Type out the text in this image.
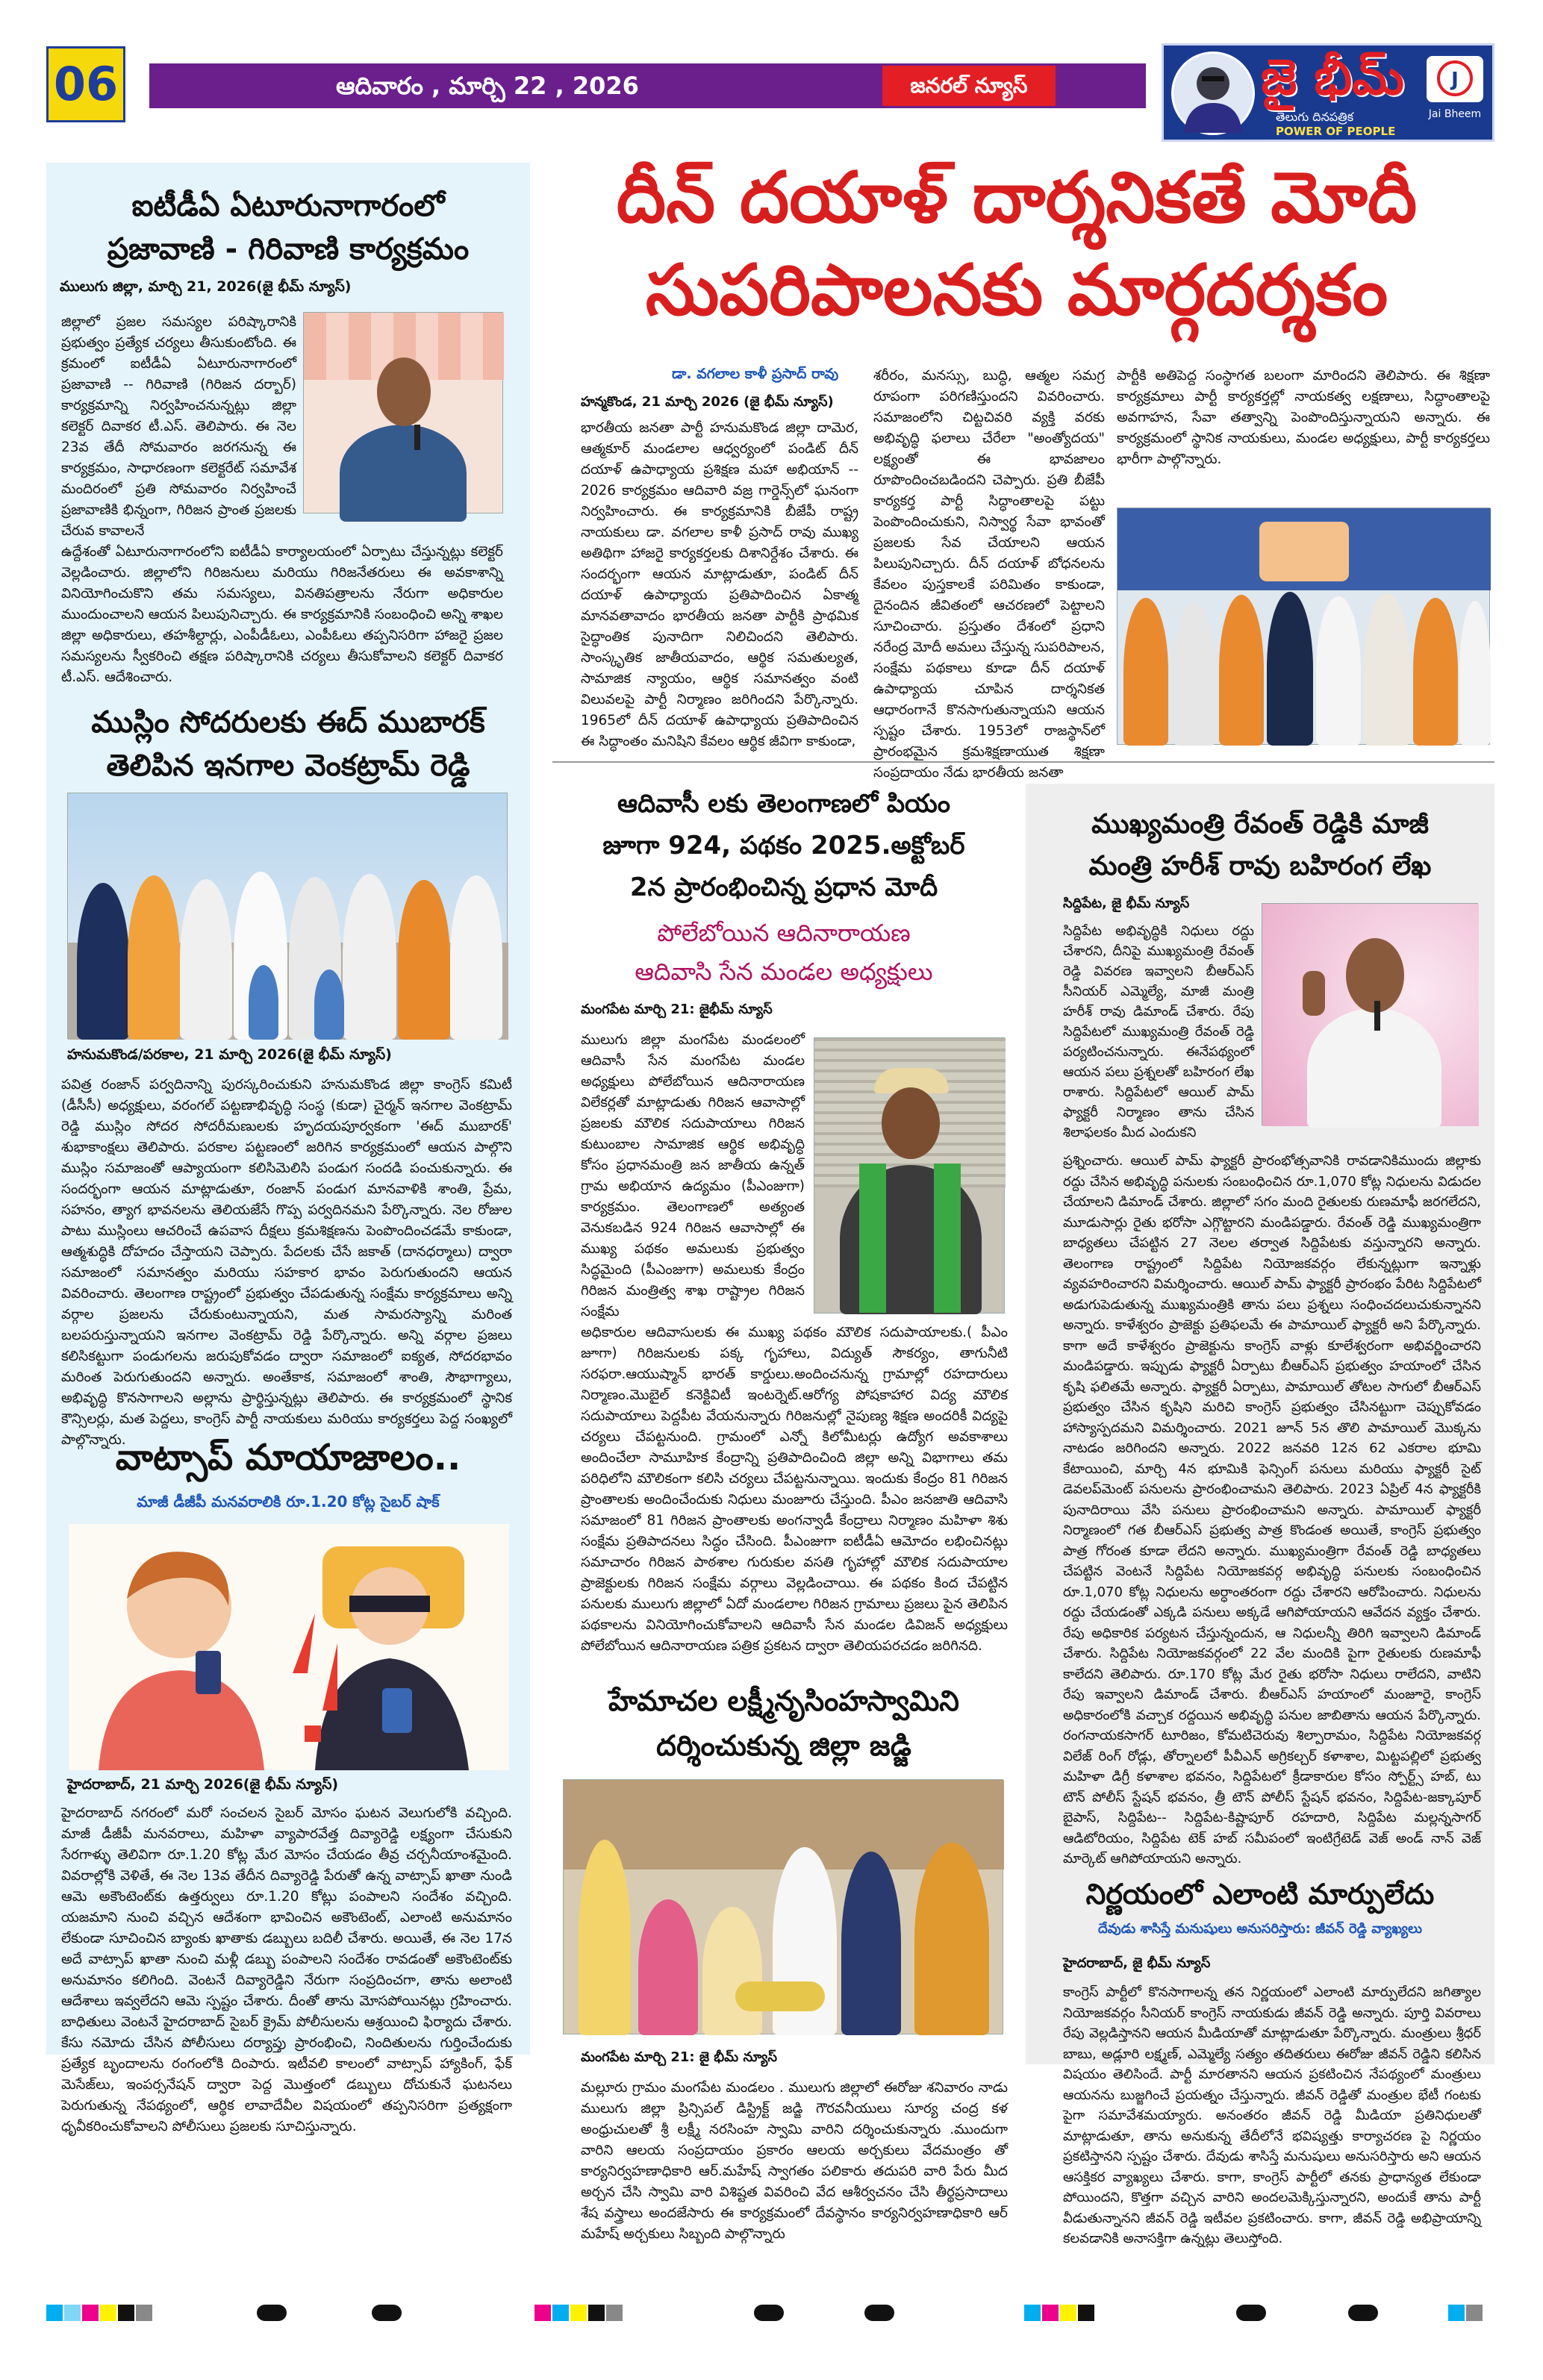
06	ఆదివారం , మార్చి 22 , 2026	జనరల్ న్యూస్	జై భీమ్
తెలుగు దినపత్రిక
POWER OF PEOPLE
J
Jai Bheem
ఐటీడీఏ ఏటూరునాగారంలో
ప్రజావాణి - గిరివాణి కార్యక్రమం
ములుగు జిల్లా, మార్చి 21, 2026(జై భీమ్ న్యూస్)
జిల్లాలో ప్రజల సమస్యల పరిష్కారానికి ప్రభుత్వం ప్రత్యేక చర్యలు తీసుకుంటోంది. ఈ క్రమంలో ఐటీడీఏ ఏటూరునాగారంలో ప్రజావాణి -- గిరివాణి (గిరిజన దర్బార్) కార్యక్రమాన్ని నిర్వహించనున్నట్లు జిల్లా కలెక్టర్ దివాకర టీ.ఎస్. తెలిపారు. ఈ నెల 23వ తేదీ సోమవారం జరగనున్న ఈ కార్యక్రమం, సాధారణంగా కలెక్టరేట్ సమావేశ మందిరంలో ప్రతి సోమవారం నిర్వహించే ప్రజావాణికి భిన్నంగా, గిరిజన ప్రాంత ప్రజలకు చేరువ కావాలనే
ఉద్దేశంతో ఏటూరునాగారంలోని ఐటీడీఏ కార్యాలయంలో ఏర్పాటు చేస్తున్నట్లు కలెక్టర్ వెల్లడించారు. జిల్లాలోని గిరిజనులు మరియు గిరిజనేతరులు ఈ అవకాశాన్ని వినియోగించుకొని తమ సమస్యలు, వినతిపత్రాలను నేరుగా అధికారుల ముందుంచాలని ఆయన పిలుపునిచ్చారు. ఈ కార్యక్రమానికి సంబంధించి అన్ని శాఖల జిల్లా అధికారులు, తహశీల్దార్లు, ఎంపీడీఓలు, ఎంపీఓలు తప్పనిసరిగా హాజరై ప్రజల సమస్యలను స్వీకరించి తక్షణ పరిష్కారానికి చర్యలు తీసుకోవాలని కలెక్టర్ దివాకర టీ.ఎస్. ఆదేశించారు.
ముస్లిం సోదరులకు ఈద్ ముబారక్
తెలిపిన ఇనగాల వెంకట్రామ్ రెడ్డి
హనుమకొండ/పరకాల, 21 మార్చి 2026(జై భీమ్ న్యూస్)
పవిత్ర రంజాన్ పర్వదినాన్ని పురస్కరించుకుని హనుమకొండ జిల్లా కాంగ్రెస్ కమిటీ (డీసీసీ) అధ్యక్షులు, వరంగల్ పట్టణాభివృద్ధి సంస్థ (కుడా) చైర్మన్ ఇనగాల వెంకట్రామ్ రెడ్డి ముస్లిం సోదర సోదరీమణులకు హృదయపూర్వకంగా 'ఈద్ ముబారక్' శుభాకాంక్షలు తెలిపారు. పరకాల పట్టణంలో జరిగిన కార్యక్రమంలో ఆయన పాల్గొని ముస్లిం సమాజంతో ఆప్యాయంగా కలిసిమెలిసి పండుగ సందడి పంచుకున్నారు. ఈ సందర్భంగా ఆయన మాట్లాడుతూ, రంజాన్ పండుగ మానవాళికి శాంతి, ప్రేమ, సహనం, త్యాగ భావనలను తెలియజేసే గొప్ప పర్వదినమని పేర్కొన్నారు. నెల రోజుల పాటు ముస్లింలు ఆచరించే ఉపవాస దీక్షలు క్రమశిక్షణను పెంపొందించడమే కాకుండా, ఆత్మశుద్ధికి దోహదం చేస్తాయని చెప్పారు. పేదలకు చేసే జకాత్ (దానధర్మాలు) ద్వారా సమాజంలో సమానత్వం మరియు సహకార భావం పెరుగుతుందని ఆయన వివరించారు. తెలంగాణ రాష్ట్రంలో ప్రభుత్వం చేపడుతున్న సంక్షేమ కార్యక్రమాలు అన్ని వర్గాల ప్రజలను చేరుకుంటున్నాయని, మత సామరస్యాన్ని మరింత బలపరుస్తున్నాయని ఇనగాల వెంకట్రామ్ రెడ్డి పేర్కొన్నారు. అన్ని వర్గాల ప్రజలు కలిసికట్టుగా పండుగలను జరుపుకోవడం ద్వారా సమాజంలో ఐక్యత, సోదరభావం మరింత పెరుగుతుందని అన్నారు. అంతేకాక, సమాజంలో శాంతి, సౌభాగ్యాలు, అభివృద్ధి కొనసాగాలని అల్లాను ప్రార్థిస్తున్నట్లు తెలిపారు. ఈ కార్యక్రమంలో స్థానిక కౌన్సిలర్లు, మత పెద్దలు, కాంగ్రెస్ పార్టీ నాయకులు మరియు కార్యకర్తలు పెద్ద సంఖ్యలో పాల్గొన్నారు.
వాట్సాప్ మాయాజాలం..
మాజీ డీజీపీ మనవరాలికి రూ.1.20 కోట్ల సైబర్ షాక్
హైదరాబాద్, 21 మార్చి 2026(జై భీమ్ న్యూస్)
హైదరాబాద్ నగరంలో మరో సంచలన సైబర్ మోసం ఘటన వెలుగులోకి వచ్చింది. మాజీ డీజీపీ మనవరాలు, మహిళా వ్యాపారవేత్త దివ్యారెడ్డి లక్ష్యంగా చేసుకుని సేరగాళ్ళు తెలివిగా రూ.1.20 కోట్ల మేర మోసం చేయడం తీవ్ర చర్చనీయాంశమైంది. వివరాల్లోకి వెళితే, ఈ నెల 13వ తేదీన దివ్యారెడ్డి పేరుతో ఉన్న వాట్సాప్ ఖాతా నుండి ఆమె అకౌంటెంట్‌కు ఉత్తర్వులు రూ.1.20 కోట్లు పంపాలని సందేశం వచ్చింది. యజమాని నుంచి వచ్చిన ఆదేశంగా భావించిన అకౌంటెంట్, ఎలాంటి అనుమానం లేకుండా సూచించిన బ్యాంకు ఖాతాకు డబ్బులు బదిలీ చేశారు. అయితే, ఈ నెల 17న అదే వాట్సాప్ ఖాతా నుంచి మళ్లీ డబ్బు పంపాలని సందేశం రావడంతో అకౌంటెంట్‌కు అనుమానం కలిగింది. వెంటనే దివ్యారెడ్డిని నేరుగా సంప్రదించగా, తాను అలాంటి ఆదేశాలు ఇవ్వలేదని ఆమె స్పష్టం చేశారు. దీంతో తాను మోసపోయినట్లు గ్రహించారు. బాధితులు వెంటనే హైదరాబాద్ సైబర్ క్రైమ్ పోలీసులను ఆశ్రయించి ఫిర్యాదు చేశారు. కేసు నమోదు చేసిన పోలీసులు దర్యాప్తు ప్రారంభించి, నిందితులను గుర్తించేందుకు ప్రత్యేక బృందాలను రంగంలోకి దింపారు. ఇటీవలి కాలంలో వాట్సాప్ హ్యాకింగ్, ఫేక్ మెసేజ్‌లు, ఇంపర్సనేషన్ ద్వారా పెద్ద మొత్తంలో డబ్బులు దోచుకునే ఘటనలు పెరుగుతున్న నేపథ్యంలో, ఆర్థిక లావాదేవీల విషయంలో తప్పనిసరిగా ప్రత్యక్షంగా ధృవీకరించుకోవాలని పోలీసులు ప్రజలకు సూచిస్తున్నారు.
దీన్ దయాళ్ దార్శనికతే మోదీ
సుపరిపాలనకు మార్గదర్శకం
డా. వగలాల కాళీ ప్రసాద్ రావు
హన్మకొండ, 21 మార్చి 2026 (జై భీమ్ న్యూస్)
భారతీయ జనతా పార్టీ హనుమకొండ జిల్లా దామెర, ఆత్మకూర్ మండలాల ఆధ్వర్యంలో పండిట్ దీన్ దయాళ్ ఉపాధ్యాయ ప్రశిక్షణ మహా అభియాన్ -- 2026 కార్యక్రమం ఆదివారి వజ్ర గార్డెన్స్‌లో ఘనంగా నిర్వహించారు. ఈ కార్యక్రమానికి బీజేపీ రాష్ట్ర నాయకులు డా. వగలాల కాళీ ప్రసాద్ రావు ముఖ్య అతిథిగా హాజరై కార్యకర్తలకు దిశానిర్దేశం చేశారు. ఈ సందర్భంగా ఆయన మాట్లాడుతూ, పండిట్ దీన్ దయాళ్ ఉపాధ్యాయ ప్రతిపాదించిన ఏకాత్మ మానవతావాదం భారతీయ జనతా పార్టీకి ప్రాథమిక సైద్ధాంతిక పునాదిగా నిలిచిందని తెలిపారు. సాంస్కృతిక జాతీయవాదం, ఆర్థిక సమతుల్యత, సామాజిక న్యాయం, ఆర్థిక సమానత్వం వంటి విలువలపై పార్టీ నిర్మాణం జరిగిందని పేర్కొన్నారు. 1965లో దీన్ దయాళ్ ఉపాధ్యాయ ప్రతిపాదించిన ఈ సిద్ధాంతం మనిషిని కేవలం ఆర్థిక జీవిగా కాకుండా,
శరీరం, మనస్సు, బుద్ధి, ఆత్మల సమగ్ర రూపంగా పరిగణిస్తుందని వివరించారు. సమాజంలోని చిట్టచివరి వ్యక్తి వరకు అభివృద్ధి ఫలాలు చేరేలా "అంత్యోదయ" లక్ష్యంతో ఈ భావజాలం రూపొందించబడిందని చెప్పారు. ప్రతి బీజేపీ కార్యకర్త పార్టీ సిద్ధాంతాలపై పట్టు పెంపొందించుకుని, నిస్వార్థ సేవా భావంతో ప్రజలకు సేవ చేయాలని ఆయన పిలుపునిచ్చారు. దీన్ దయాళ్ బోధనలను కేవలం పుస్తకాలకే పరిమితం కాకుండా, దైనందిన జీవితంలో ఆచరణలో పెట్టాలని సూచించారు. ప్రస్తుతం దేశంలో ప్రధాని నరేంద్ర మోదీ అమలు చేస్తున్న సుపరిపాలన, సంక్షేమ పథకాలు కూడా దీన్ దయాళ్ ఉపాధ్యాయ చూపిన దార్శనికత ఆధారంగానే కొనసాగుతున్నాయని ఆయన స్పష్టం చేశారు. 1953లో రాజస్థాన్‌లో ప్రారంభమైన క్రమశిక్షణాయుత శిక్షణా సంప్రదాయం నేడు భారతీయ జనతా
పార్టీకి అతిపెద్ద సంస్థాగత బలంగా మారిందని తెలిపారు. ఈ శిక్షణా కార్యక్రమాలు పార్టీ కార్యకర్తల్లో నాయకత్వ లక్షణాలు, సిద్ధాంతాలపై అవగాహన, సేవా తత్వాన్ని పెంపొందిస్తున్నాయని అన్నారు. ఈ కార్యక్రమంలో స్థానిక నాయకులు, మండల అధ్యక్షులు, పార్టీ కార్యకర్తలు భారీగా పాల్గొన్నారు.
ఆదివాసీ లకు తెలంగాణలో పియం
జూగా 924, పథకం 2025.అక్టోబర్
2న ప్రారంభించిన్న ప్రధాన మోదీ
పోలేబోయిన ఆదినారాయణ
ఆదివాసి సేన మండల అధ్యక్షులు
మంగపేట మార్చి 21: జైభీమ్ న్యూస్
ములుగు జిల్లా మంగపేట మండలంలో ఆదివాసీ సేన మంగపేట మండల అధ్యక్షులు పోలేబోయిన ఆదినారాయణ విలేకర్లతో మాట్లాడుతు గిరిజన ఆవాసాల్లో ప్రజలకు మౌలిక సదుపాయాలు గిరిజన కుటుంబాల సామాజిక ఆర్థిక అభివృద్ధి కోసం ప్రధానమంత్రి జన జాతీయ ఉన్నత్ గ్రామ అభియాన ఉద్యమం (పీఎంజుగా) కార్యక్రమం. తెలంగాణలో అత్యంత వెనుకబడిన 924 గిరిజన ఆవాసాల్లో ఈ ముఖ్య పథకం అమలుకు ప్రభుత్వం సిద్ధమైంది (పీఎంజుగా) అమలుకు కేంద్రం గిరిజన మంత్రిత్వ శాఖ రాష్ట్రాల గిరిజన సంక్షేమ
అధికారుల ఆదివాసులకు ఈ ముఖ్య పథకం మౌలిక సదుపాయాలకు.( పీఎం జూగా) గిరిజనులకు పక్క గృహాలు, విద్యుత్ సౌకర్యం, తాగునీటి సరఫరా.ఆయుష్మాన్ భారత్ కార్డులు.అందించనున్న గ్రామాల్లో రహదారులు నిర్మాణం.మొబైల్ కనెక్టివిటీ ఇంటర్నెట్.ఆరోగ్య పోషకాహార విద్య మౌలిక సదుపాయాలు పెద్దపీట వేయనున్నారు గిరిజనుల్లో నైపుణ్య శిక్షణ అందరికీ విద్యపై చర్యలు చేపట్టనుంది. గ్రామంలో ఎన్నో కిలోమీటర్లు ఉద్యోగ అవకాశాలు అందించేలా సామూహిక కేంద్రాన్ని ప్రతిపాదించింది జిల్లా అన్ని విభాగాలు తమ పరిధిలోని మౌలికంగా కలిసి చర్యలు చేపట్టనున్నాయి. ఇందుకు కేంద్రం 81 గిరిజన ప్రాంతాలకు అందించేందుకు నిధులు మంజూరు చేస్తుంది. పీఎం జనజాతి ఆదివాసి సమాజంలో 81 గిరిజన ప్రాంతాలకు అంగన్వాడీ కేంద్రాలు నిర్మాణం మహిళా శిశు సంక్షేమ ప్రతిపాదనలు సిద్ధం చేసింది. పీఎంజుగా ఐటీడీఏ ఆమోదం లభించినట్లు సమాచారం గిరిజన పాఠశాల గురుకుల వసతి గృహాల్లో మౌలిక సదుపాయాల ప్రాజెక్టులకు గిరిజన సంక్షేమ వర్గాలు వెల్లడించాయి. ఈ పథకం కింద చేపట్టిన పనులకు ములుగు జిల్లాలో ఏదో మండలాల గిరిజన గ్రామాలు ప్రజలు పైన తెలిపిన పథకాలను వినియోగించుకోవాలని ఆదివాసీ సేన మండల డివిజన్ అధ్యక్షులు పోలేబోయిన ఆదినారాయణ పత్రిక ప్రకటన ద్వారా తెలియపరచడం జరిగినది.
హేమాచల లక్ష్మీనృసింహస్వామిని
దర్శించుకున్న జిల్లా జడ్జి
మంగపేట మార్చి 21: జై భీమ్ న్యూస్
మల్లూరు గ్రామం మంగపేట మండలం . ములుగు జిల్లాలో ఈరోజు శనివారం నాడు ములుగు జిల్లా ప్రిన్సిపల్ డిస్ట్రిక్ట్ జడ్జి గౌరవనీయులు సూర్య చంద్ర కళ అంధ్రుచులతో శ్రీ లక్ష్మీ నరసింహ స్వామి వారిని దర్శించుకున్నారు .ముందుగా వారిని ఆలయ సంప్రదాయం ప్రకారం ఆలయ అర్చకులు వేదమంత్రం తో కార్యనిర్వహణాధికారి ఆర్.మహేష్ స్వాగతం పలికారు తదుపరి వారి పేరు మీద అర్చన చేసి స్వామి వారి విశిష్టత వివరించి వేద ఆశీర్వచనం చేసి తీర్థప్రసాదాలు శేష వస్త్రాలు అందజేసారు ఈ కార్యక్రమంలో దేవస్థానం కార్యనిర్వహణాధికారి ఆర్ మహేష్ అర్చకులు సిబ్బంది పాల్గొన్నారు
ముఖ్యమంత్రి రేవంత్ రెడ్డికి మాజీ
మంత్రి హరీశ్ రావు బహిరంగ లేఖ
సిద్దిపేట, జై భీమ్ న్యూస్
సిద్దిపేట అభివృద్ధికి నిధులు రద్దు చేశారని, దీనిపై ముఖ్యమంత్రి రేవంత్ రెడ్డి వివరణ ఇవ్వాలని బీఆర్ఎస్ సీనియర్ ఎమ్మెల్యే, మాజీ మంత్రి హరీశ్ రావు డిమాండ్ చేశారు. రేపు సిద్దిపేటలో ముఖ్యమంత్రి రేవంత్ రెడ్డి పర్యటించనున్నారు. ఈనేపథ్యంలో ఆయన పలు ప్రశ్నలతో బహిరంగ లేఖ రాశారు. సిద్దిపేటలో ఆయిల్ పామ్ ఫ్యాక్టరీ నిర్మాణం తాను చేసిన శిలాఫలకం మీద ఎందుకని
ప్రశ్నించారు. ఆయిల్ పామ్ ఫ్యాక్టరీ ప్రారంభోత్సవానికి రావడానికిముందు జిల్లాకు రద్దు చేసిన అభివృద్ధి పనులకు సంబంధించిన రూ.1,070 కోట్ల నిధులను విడుదల చేయాలని డిమాండ్ చేశారు. జిల్లాలో సగం మంది రైతులకు రుణమాఫీ జరగలేదని, మూడుసార్లు రైతు భరోసా ఎగ్గొట్టారని మండిపడ్డారు. రేవంత్ రెడ్డి ముఖ్యమంత్రిగా బాధ్యతలు చేపట్టిన 27 నెలల తర్వాత సిద్దిపేటకు వస్తున్నారని అన్నారు. తెలంగాణ రాష్ట్రంలో సిద్దిపేట నియోజకవర్గం లేకున్నట్లుగా ఇన్నాళ్లు వ్యవహరించారని విమర్శించారు. ఆయిల్ పామ్ ఫ్యాక్టరీ ప్రారంభం పేరిట సిద్దిపేటలో అడుగుపెడుతున్న ముఖ్యమంత్రికి తాను పలు ప్రశ్నలు సంధించదలుచుకున్నానని అన్నారు. కాళేశ్వరం ప్రాజెక్టు ప్రతిఫలమే ఈ పామాయిల్ ఫ్యాక్టరీ అని పేర్కొన్నారు. కాగా అదే కాళేశ్వరం ప్రాజెక్టును కాంగ్రెస్ వాళ్లు కూలేశ్వరంగా అభివర్ణించారని మండిపడ్డారు. ఇప్పుడు ఫ్యాక్టరీ ఏర్పాటు బీఆర్ఎస్ ప్రభుత్వం హయాంలో చేసిన కృషి ఫలితమే అన్నారు. ఫ్యాక్టరీ ఏర్పాటు, పామాయిల్ తోటల సాగులో బీఆర్ఎస్ ప్రభుత్వం చేసిన కృషిని మరిచి కాంగ్రెస్ ప్రభుత్వం చేసినట్టుగా చెప్పుకోవడం హాస్యాస్పదమని విమర్శించారు. 2021 జూన్ 5న తొలి పామాయిల్ మొక్కను నాటడం జరిగిందని అన్నారు. 2022 జనవరి 12న 62 ఎకరాల భూమి కేటాయించి, మార్చి 4న భూమికి ఫెన్సింగ్ పనులు మరియు ఫ్యాక్టరీ సైట్ డెవలప్‌మెంట్ పనులను ప్రారంభించామని తెలిపారు. 2023 ఏప్రిల్ 4న ఫ్యాక్టరీకి పునాదిరాయి వేసి పనులు ప్రారంభించామని అన్నారు. పామాయిల్ ఫ్యాక్టరీ నిర్మాణంలో గత బీఆర్ఎస్ ప్రభుత్వ పాత్ర కొండంత అయితే, కాంగ్రెస్ ప్రభుత్వం పాత్ర గోరంత కూడా లేదని అన్నారు. ముఖ్యమంత్రిగా రేవంత్ రెడ్డి బాధ్యతలు చేపట్టిన వెంటనే సిద్దిపేట నియోజకవర్గ అభివృద్ధి పనులకు సంబంధించిన రూ.1,070 కోట్ల నిధులను అర్ధాంతరంగా రద్దు చేశారని ఆరోపించారు. నిధులను రద్దు చేయడంతో ఎక్కడి పనులు అక్కడే ఆగిపోయాయని ఆవేదన వ్యక్తం చేశారు. రేపు అధికారిక పర్యటన చేస్తున్నందున, ఆ నిధులన్నీ తిరిగి ఇవ్వాలని డిమాండ్ చేశారు. సిద్దిపేట నియోజకవర్గంలో 22 వేల మందికి పైగా రైతులకు రుణమాఫీ కాలేదని తెలిపారు. రూ.170 కోట్ల మేర రైతు భరోసా నిధులు రాలేదని, వాటిని రేపు ఇవ్వాలని డిమాండ్ చేశారు. బీఆర్ఎస్ హయాంలో మంజూరై, కాంగ్రెస్ అధికారంలోకి వచ్చాక రద్దయిన అభివృద్ధి పనుల జాబితాను ఆయన పేర్కొన్నారు. రంగనాయకసాగర్ టూరిజం, కోమటిచెరువు శిల్పారామం, సిద్దిపేట నియోజకవర్గ విలేజ్ రింగ్ రోడ్లు, తోర్నాలలో పీవీఎన్ అగ్రికల్చర్ కళాశాల, మిట్టపల్లిలో ప్రభుత్వ మహిళా డిగ్రీ కళాశాల భవనం, సిద్దిపేటలో క్రీడాకారుల కోసం స్పోర్ట్స్ హబ్, టు టౌన్ పోలీస్ స్టేషన్ భవనం, త్రీ టౌన్ పోలీస్ స్టేషన్ భవనం, సిద్దిపేట-జక్కాపూర్ బైపాస్, సిద్దిపేట-- సిద్దిపేట-కిష్టాపూర్ రహదారి, సిద్దిపేట మల్లన్నసాగర్ ఆడిటోరియం, సిద్దిపేట టెక్ హబ్ సమీపంలో ఇంటిగ్రేటెడ్ వెజ్ అండ్ నాన్ వెజ్ మార్కెట్ ఆగిపోయాయని అన్నారు.
నిర్ణయంలో ఎలాంటి మార్పులేదు
దేవుడు శాసిస్తే మనుషులు అనుసరిస్తారు: జీవన్ రెడ్డి వ్యాఖ్యలు
హైదరాబాద్, జై భీమ్ న్యూస్
కాంగ్రెస్ పార్టీలో కొనసాగాలన్న తన నిర్ణయంలో ఎలాంటి మార్పులేదని జగిత్యాల నియోజకవర్గం సీనియర్ కాంగ్రెస్ నాయకుడు జీవన్ రెడ్డి అన్నారు. పూర్తి వివరాలు రేపు వెల్లడిస్తానని ఆయన మీడియాతో మాట్లాడుతూ పేర్కొన్నారు. మంత్రులు శ్రీధర్ బాబు, అడ్లూరి లక్ష్మణ్, ఎమ్మెల్యే సత్యం తదితరులు ఈరోజు జీవన్ రెడ్డిని కలిసిన విషయం తెలిసిందే. పార్టీ మారతానని ఆయన ప్రకటించిన నేపథ్యంలో మంత్రులు ఆయనను బుజ్జగించే ప్రయత్నం చేస్తున్నారు. జీవన్ రెడ్డితో మంత్రుల భేటీ గంటకు పైగా సమావేశమయ్యారు. అనంతరం జీవన్ రెడ్డి మీడియా ప్రతినిధులతో మాట్లాడుతూ, తాను అనుకున్న తేదీలోనే భవిష్యత్తు కార్యాచరణ పై నిర్ణయం ప్రకటిస్తానని స్పష్టం చేశారు. దేవుడు శాసిస్తే మనుషులు అనుసరిస్తారు అని ఆయన ఆసక్తికర వ్యాఖ్యలు చేశారు. కాగా, కాంగ్రెస్ పార్టీలో తనకు ప్రాధాన్యత లేకుండా పోయిందని, కొత్తగా వచ్చిన వారిని అందలమెక్కిస్తున్నారని, అందుకే తాను పార్టీ వీడుతున్నానని జీవన్ రెడ్డి ఇటీవల ప్రకటించారు. కాగా, జీవన్ రెడ్డి అభిప్రాయాన్ని కలవడానికి అనాసక్తిగా ఉన్నట్లు తెలుస్తోంది.
